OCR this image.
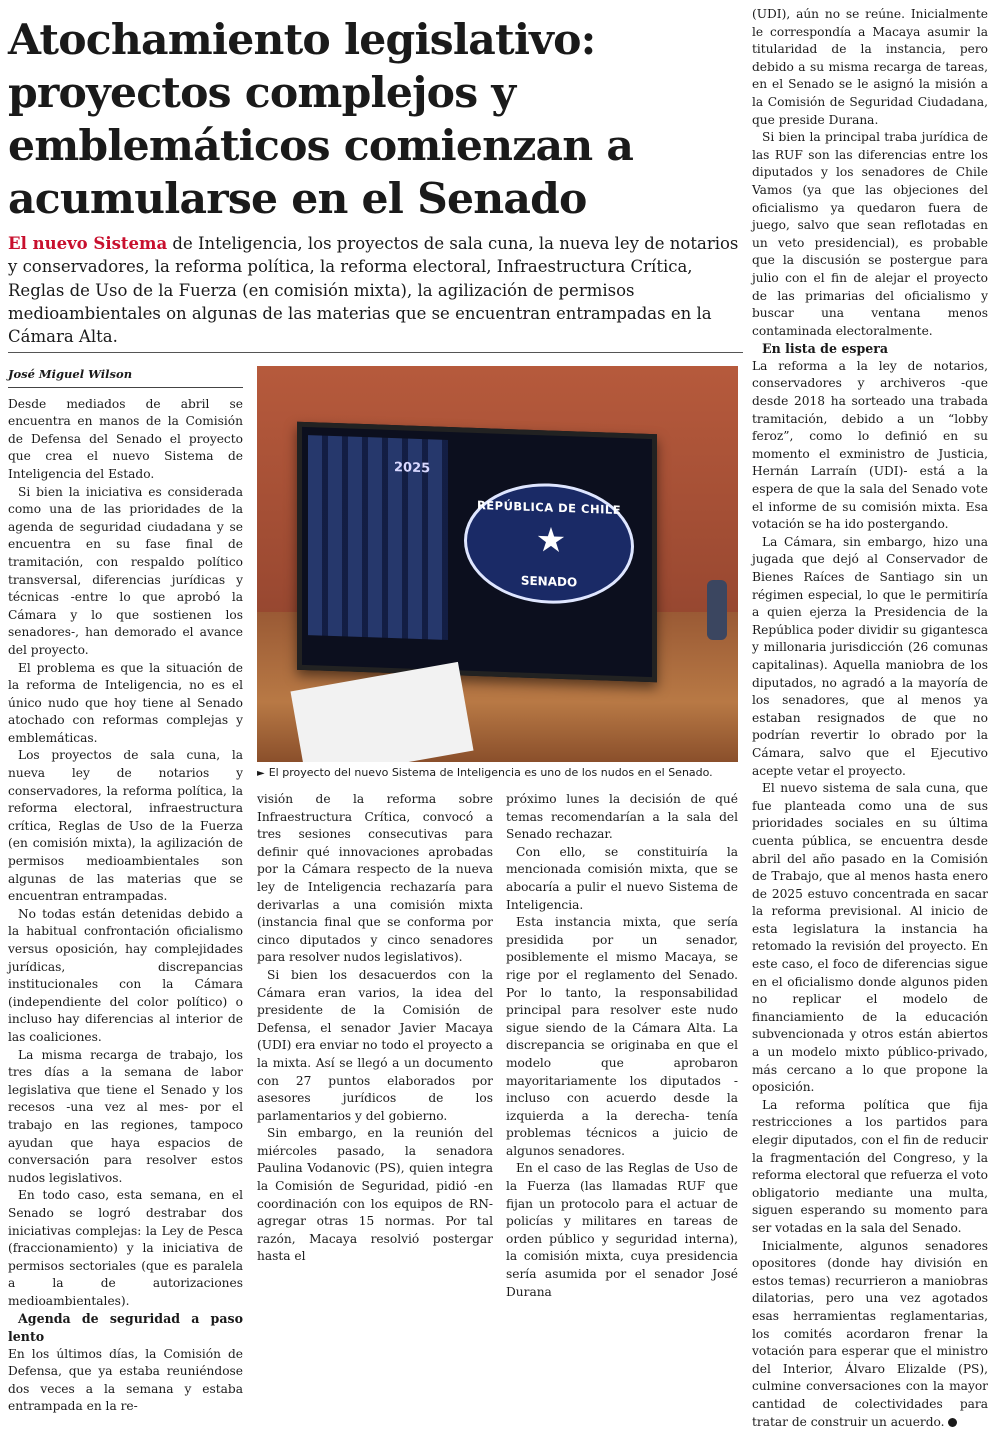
Atochamiento legislativo: proyectos complejos y emblemáticos comienzan a acumularse en el Senado

El nuevo Sistema de Inteligencia, los proyectos de sala cuna, la nueva ley de notarios y conservadores, la reforma política, la reforma electoral, Infraestructura Crítica, Reglas de Uso de la Fuerza (en comisión mixta), la agilización de permisos medioambientales on algunas de las materias que se encuentran entrampadas en la Cámara Alta.

José Miguel Wilson

Desde mediados de abril se encuentra en manos de la Comisión de Defensa del Senado el proyecto que crea el nuevo Sistema de Inteligencia del Estado.

Si bien la iniciativa es considerada como una de las prioridades de la agenda de seguridad ciudadana y se encuentra en su fase final de tramitación, con respaldo político transversal, diferencias jurídicas y técnicas -entre lo que aprobó la Cámara y lo que sostienen los senadores-, han demorado el avance del proyecto.

El problema es que la situación de la reforma de Inteligencia, no es el único nudo que hoy tiene al Senado atochado con reformas complejas y emblemáticas.

Los proyectos de sala cuna, la nueva ley de notarios y conservadores, la reforma política, la reforma electoral, infraestructura crítica, Reglas de Uso de la Fuerza (en comisión mixta), la agilización de permisos medioambientales son algunas de las materias que se encuentran entrampadas.

No todas están detenidas debido a la habitual confrontación oficialismo versus oposición, hay complejidades jurídicas, discrepancias institucionales con la Cámara (independiente del color político) o incluso hay diferencias al interior de las coaliciones.

La misma recarga de trabajo, los tres días a la semana de labor legislativa que tiene el Senado y los recesos -una vez al mes- por el trabajo en las regiones, tampoco ayudan que haya espacios de conversación para resolver estos nudos legislativos.

En todo caso, esta semana, en el Senado se logró destrabar dos iniciativas complejas: la Ley de Pesca (fraccionamiento) y la iniciativa de permisos sectoriales (que es paralela a la de autorizaciones medioambientales).

Agenda de seguridad a paso lento

En los últimos días, la Comisión de Defensa, que ya estaba reuniéndose dos veces a la semana y estaba entrampada en la re-

2025
REPÚBLICA DE CHILE
★
SENADO
► El proyecto del nuevo Sistema de Inteligencia es uno de los nudos en el Senado.

visión de la reforma sobre Infraestructura Crítica, convocó a tres sesiones consecutivas para definir qué innovaciones aprobadas por la Cámara respecto de la nueva ley de Inteligencia rechazaría para derivarlas a una comisión mixta (instancia final que se conforma por cinco diputados y cinco senadores para resolver nudos legislativos).

Si bien los desacuerdos con la Cámara eran varios, la idea del presidente de la Comisión de Defensa, el senador Javier Macaya (UDI) era enviar no todo el proyecto a la mixta. Así se llegó a un documento con 27 puntos elaborados por asesores jurídicos de los parlamentarios y del gobierno.

Sin embargo, en la reunión del miércoles pasado, la senadora Paulina Vodanovic (PS), quien integra la Comisión de Seguridad, pidió -en coordinación con los equipos de RN- agregar otras 15 normas. Por tal razón, Macaya resolvió postergar hasta el

próximo lunes la decisión de qué temas recomendarían a la sala del Senado rechazar.

Con ello, se constituiría la mencionada comisión mixta, que se abocaría a pulir el nuevo Sistema de Inteligencia.

Esta instancia mixta, que sería presidida por un senador, posiblemente el mismo Macaya, se rige por el reglamento del Senado. Por lo tanto, la responsabilidad principal para resolver este nudo sigue siendo de la Cámara Alta. La discrepancia se originaba en que el modelo que aprobaron mayoritariamente los diputados -incluso con acuerdo desde la izquierda a la derecha- tenía problemas técnicos a juicio de algunos senadores.

En el caso de las Reglas de Uso de la Fuerza (las llamadas RUF que fijan un protocolo para el actuar de policías y militares en tareas de orden público y seguridad interna), la comisión mixta, cuya presidencia sería asumida por el senador José Durana

(UDI), aún no se reúne. Inicialmente le correspondía a Macaya asumir la titularidad de la instancia, pero debido a su misma recarga de tareas, en el Senado se le asignó la misión a la Comisión de Seguridad Ciudadana, que preside Durana.

Si bien la principal traba jurídica de las RUF son las diferencias entre los diputados y los senadores de Chile Vamos (ya que las objeciones del oficialismo ya quedaron fuera de juego, salvo que sean reflotadas en un veto presidencial), es probable que la discusión se postergue para julio con el fin de alejar el proyecto de las primarias del oficialismo y buscar una ventana menos contaminada electoralmente.

En lista de espera

La reforma a la ley de notarios, conservadores y archiveros -que desde 2018 ha sorteado una trabada tramitación, debido a un “lobby feroz”, como lo definió en su momento el exministro de Justicia, Hernán Larraín (UDI)- está a la espera de que la sala del Senado vote el informe de su comisión mixta. Esa votación se ha ido postergando.

La Cámara, sin embargo, hizo una jugada que dejó al Conservador de Bienes Raíces de Santiago sin un régimen especial, lo que le permitiría a quien ejerza la Presidencia de la República poder dividir su gigantesca y millonaria jurisdicción (26 comunas capitalinas). Aquella maniobra de los diputados, no agradó a la mayoría de los senadores, que al menos ya estaban resignados de que no podrían revertir lo obrado por la Cámara, salvo que el Ejecutivo acepte vetar el proyecto.

El nuevo sistema de sala cuna, que fue planteada como una de sus prioridades sociales en su última cuenta pública, se encuentra desde abril del año pasado en la Comisión de Trabajo, que al menos hasta enero de 2025 estuvo concentrada en sacar la reforma previsional. Al inicio de esta legislatura la instancia ha retomado la revisión del proyecto. En este caso, el foco de diferencias sigue en el oficialismo donde algunos piden no replicar el modelo de financiamiento de la educación subvencionada y otros están abiertos a un modelo mixto público-privado, más cercano a lo que propone la oposición.

La reforma política que fija restricciones a los partidos para elegir diputados, con el fin de reducir la fragmentación del Congreso, y la reforma electoral que refuerza el voto obligatorio mediante una multa, siguen esperando su momento para ser votadas en la sala del Senado.

Inicialmente, algunos senadores opositores (donde hay división en estos temas) recurrieron a maniobras dilatorias, pero una vez agotados esas herramientas reglamentarias, los comités acordaron frenar la votación para esperar que el ministro del Interior, Álvaro Elizalde (PS), culmine conversaciones con la mayor cantidad de colectividades para tratar de construir un acuerdo.
